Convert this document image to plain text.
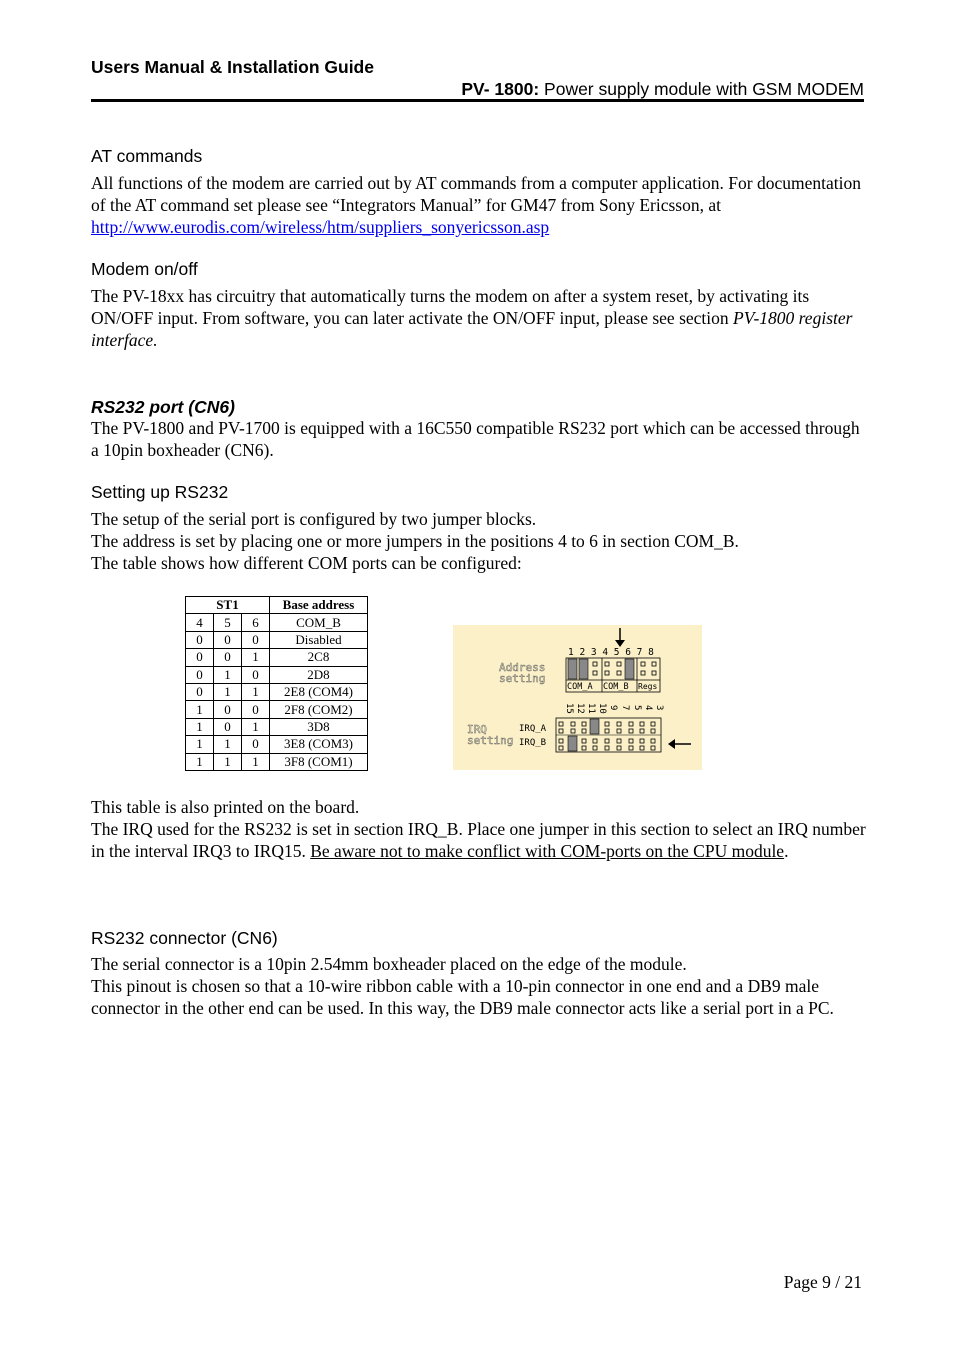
Users Manual & Installation Guide
PV- 1800: Power supply module with GSM MODEM
AT commands
All functions of the modem are carried out by AT commands from a computer application. For documentation of the AT command set please see “Integrators Manual” for GM47 from Sony Ericsson, at http://www.eurodis.com/wireless/htm/suppliers_sonyericsson.asp
Modem on/off
The PV-18xx has circuitry that automatically turns the modem on after a system reset, by activating its ON/OFF input. From software, you can later activate the ON/OFF input, please see section PV-1800 register interface.
RS232 port (CN6)
The PV-1800 and PV-1700 is equipped with a 16C550 compatible RS232 port which can be accessed through a 10pin boxheader (CN6).
Setting up RS232

The setup of the serial port is configured by two jumper blocks.

The address is set by placing one or more jumpers in the positions 4 to 6 in section COM_B.

The table shows how different COM ports can be configured:

ST1			Base address
4	5	6	COM_B
0	0	0	Disabled
0	0	1	2C8
0	1	0	2D8
0	1	1	2E8 (COM4)
1	0	0	2F8 (COM2)
1	0	1	3D8
1	1	0	3E8 (COM3)
1	1	1	3F8 (COM1)
Address
setting
IRQ
setting
1 2 3 4 5 6 7 8
COM_A COM_B Regs
15 12 11 10 9 7 5 4 3
IRQ_A
IRQ_B

This table is also printed on the board.

The IRQ used for the RS232 is set in section IRQ_B. Place one jumper in this section to select an IRQ number in the interval IRQ3 to IRQ15. Be aware not to make conflict with COM-ports on the CPU module.

RS232 connector (CN6)

The serial connector is a 10pin 2.54mm boxheader placed on the edge of the module.

This pinout is chosen so that a 10-wire ribbon cable with a 10-pin connector in one end and a DB9 male connector in the other end can be used. In this way, the DB9 male connector acts like a serial port in a PC.

Page 9 / 21
